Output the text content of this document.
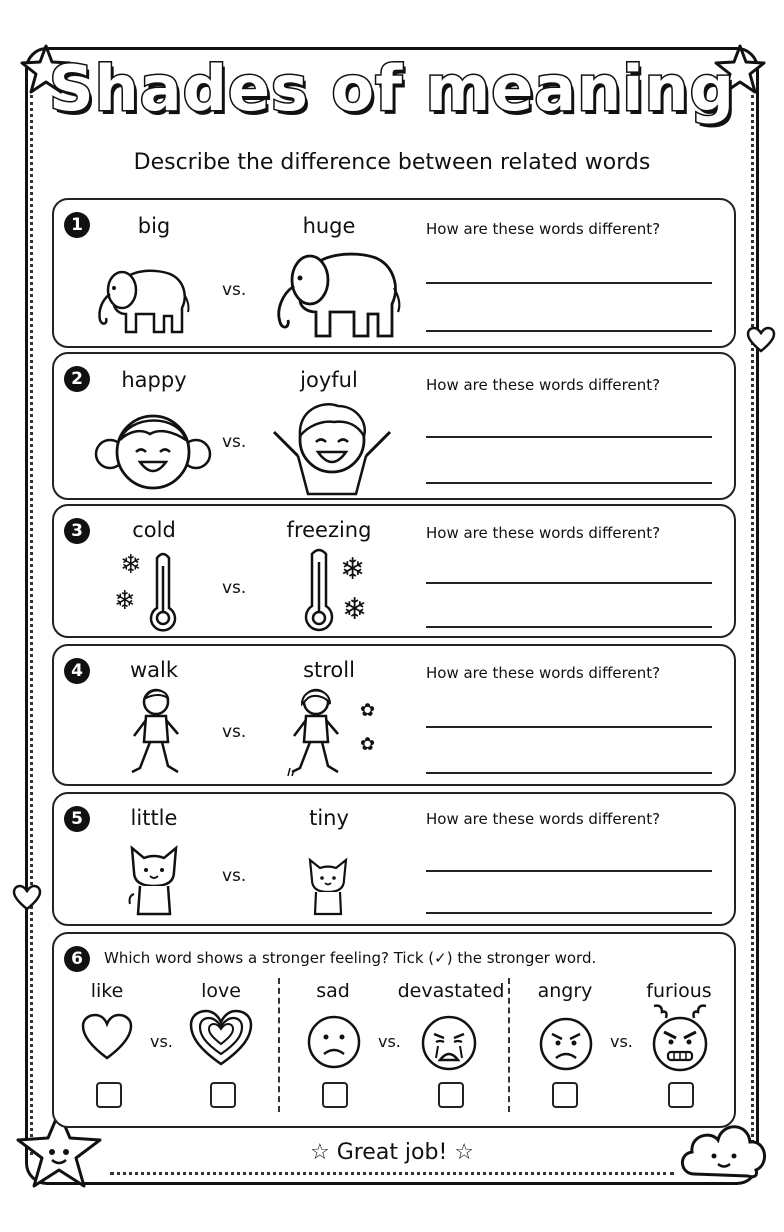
Shades of meaning
Describe the difference between related words
1	big	huge
vs.
How are these words different?
2	happy	joyful
vs.
How are these words different?
3	cold	freezing
vs.
How are these words different?
❄
❄
❄
❄
4	walk	stroll
vs.
How are these words different?
✿
✿
5	little	tiny
vs.
How are these words different?
6	Which word shows a stronger feeling? Tick (✓) the stronger word.
like	love
vs.
sad	devastated
vs.
angry	furious
vs.
☆ Great job! ☆
